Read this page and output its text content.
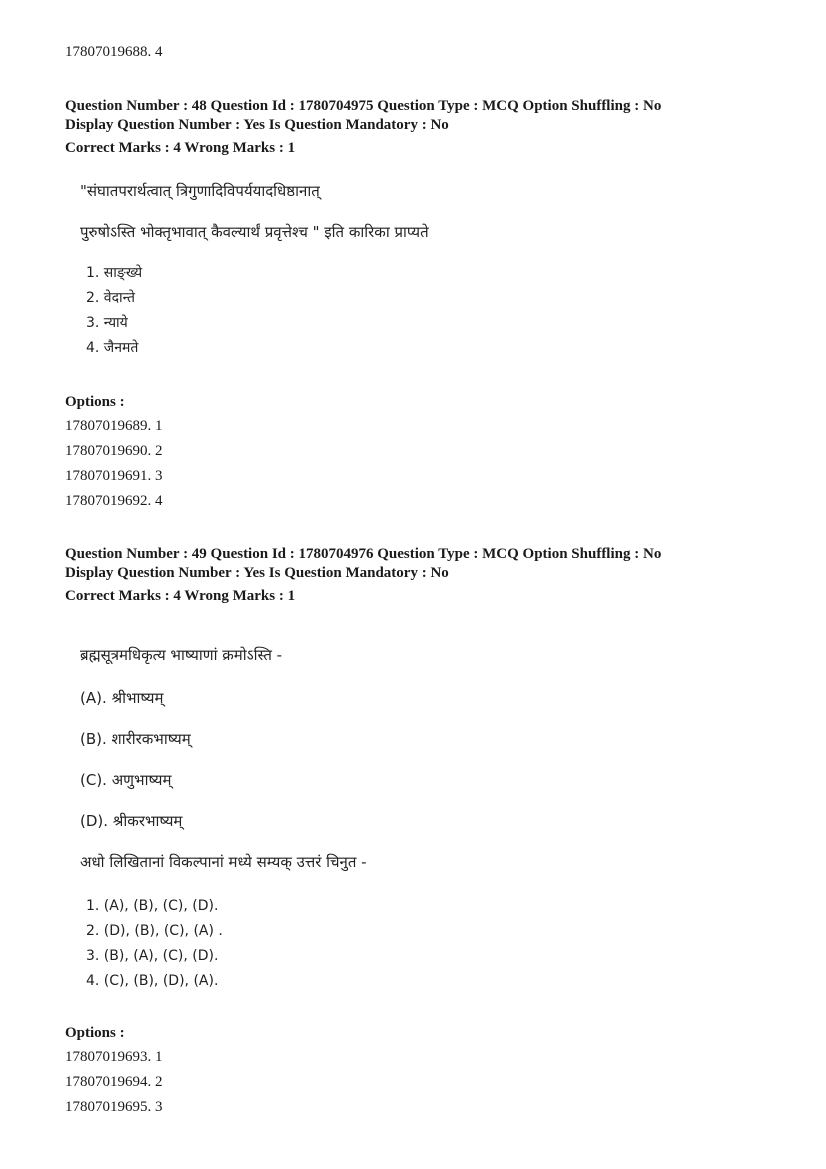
17807019688. 4
Question Number : 48 Question Id : 1780704975 Question Type : MCQ Option Shuffling : No
Display Question Number : Yes Is Question Mandatory : No
Correct Marks : 4 Wrong Marks : 1
"संघातपरार्थत्वात् त्रिगुणादिविपर्ययादधिष्ठानात्
पुरुषोऽस्ति भोक्तृभावात् कैवल्यार्थं प्रवृत्तेश्च " इति कारिका प्राप्यते
1. साङ्ख्ये
2. वेदान्ते
3. न्याये
4. जैनमते
Options :
17807019689. 1
17807019690. 2
17807019691. 3
17807019692. 4
Question Number : 49 Question Id : 1780704976 Question Type : MCQ Option Shuffling : No
Display Question Number : Yes Is Question Mandatory : No
Correct Marks : 4 Wrong Marks : 1
ब्रह्मसूत्रमधिकृत्य भाष्याणां क्रमोऽस्ति -
(A). श्रीभाष्यम्
(B). शारीरकभाष्यम्
(C). अणुभाष्यम्
(D). श्रीकरभाष्यम्
अधो लिखितानां विकल्पानां मध्ये सम्यक् उत्तरं चिनुत -
1. (A), (B), (C), (D).
2. (D), (B), (C), (A) .
3. (B), (A), (C), (D).
4. (C), (B), (D), (A).
Options :
17807019693. 1
17807019694. 2
17807019695. 3
